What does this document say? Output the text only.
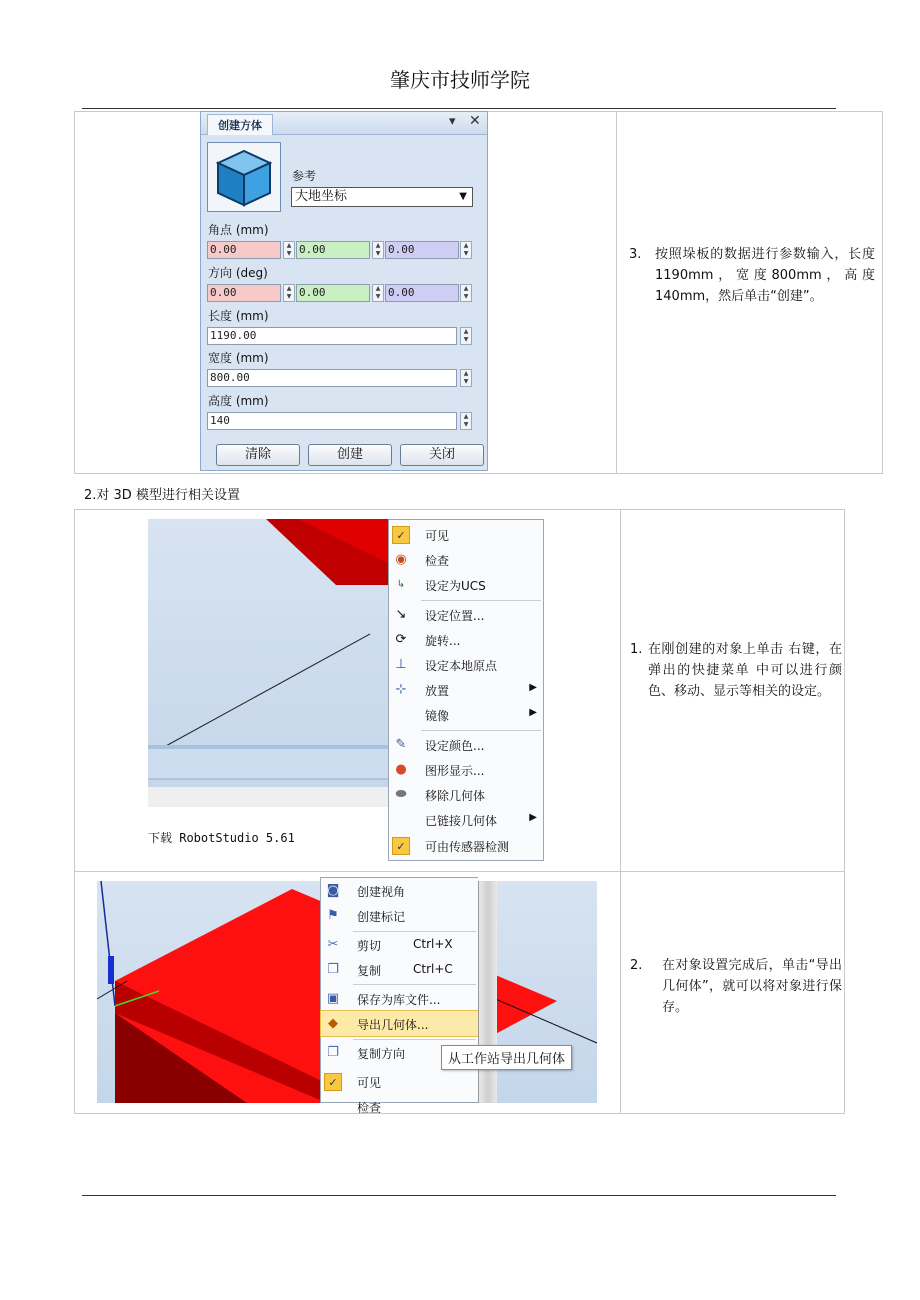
肇庆市技师学院
创建方体	▾ ✕
参考
大地坐标	▼
角点 (mm)
0.00	▲
▼ 0.00	▲
▼ 0.00	▲
▼
方向 (deg)
0.00	▲
▼ 0.00	▲
▼ 0.00	▲
▼
长度 (mm)
1190.00	▲
▼
宽度 (mm)
800.00	▲
▼
高度 (mm)
140	▲
▼
清除	创建	关闭
3. 按照垛板的数据进行参数输入，长度 1190mm，宽度800mm，高度 140mm，然后单击“创建”。
2.对 3D 模型进行相关设置
下载 RobotStudio 5.61
✓	可见
◉ 检查
↳	设定为UCS
↘ 设定位置...
⟳ 旋转...
⊥ 设定本地原点
⊹ 放置	▶
镜像	▶
✎ 设定颜色...
● 图形显示...
⬬ 移除几何体
已链接几何体	▶
✓	可由传感器检测
1. 在刚创建的对象上单击 右键，在弹出的快捷菜单 中可以进行颜色、移动、显示等相关的设定。
◙ 创建视角
⚑ 创建标记
✂ 剪切	Ctrl+X
❐ 复制	Ctrl+C
▣ 保存为库文件...
◆	导出几何体...
❐ 复制方向
✓	可见
检查
从工作站导出几何体
2. 在对象设置完成后，单击“导出几何体”，就可以将对象进行保存。
